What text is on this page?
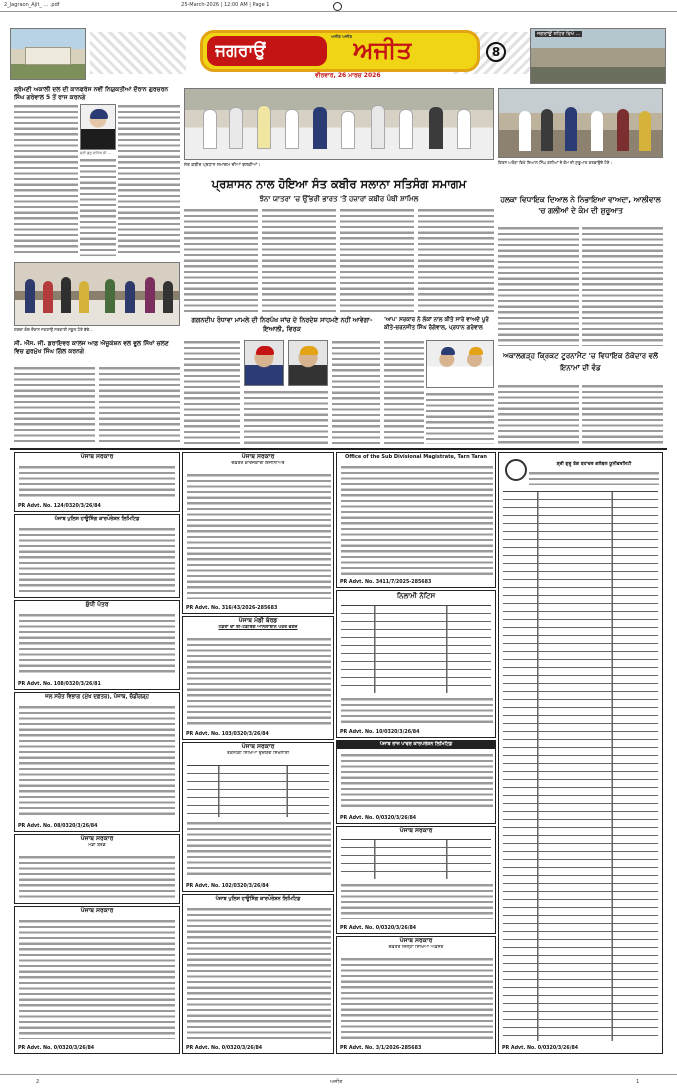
2_Jagraon_Ajit_ ... .pdf	25-March-2026 | 12:00 AM | Page 1
ਜਗਰਾਉਂ	ਅਜੀਤ
ਅਜੀਤ ਅਜੀਤ
ਵੀਰਵਾਰ, 26 ਮਾਰਚ 2026
8
ਜਗਰਾਉਂ ਸ਼ਹਿਰ ਵਿਖੇ ...
ਸ਼੍ਰੋਮਣੀ ਅਕਾਲੀ ਦਲ ਦੀ ਕਾਨਫਰੰਸ ਨਵੀਂ ਨਿਯੁਕਤੀਆਂ ਦੌਰਾਨ ਗੁਰਚਰਨ ਸਿੰਘ ਗਰੇਵਾਲ 5 ਤੋਂ ਰਾਜ ਕਰਨਗੇ
ਸ੍ਰੀ ਗੁਰੂ ਸਾਹਿਬ ਜੀ ...
ਗਰਚਾ ਕੋਚ ਦੌਰਾਨ ਜਗਰਾਉਂ ਸਰਕਾਰੀ ਸਕੂਲ ਹੋਏ ਬੱਚੇ...
ਸੀ. ਐੱਸ. ਜੀ. ਡਰਾਇਵਰ ਕਾਲਜ ਆਫ਼ ਐਜੂਕੇਸ਼ਨ ਵਲ ਵੂਲ ਸਿੱਖਾਂ ਚਲਣ ਵਿਚ ਗੁਰਮੁੱਖ ਸਿੰਘ ਗਿੱਲ ਕਰਨਗੇ
ਸੰਤ ਕਬੀਰ ਪ੍ਰਧਾਨ ਸਮਾਗਮ ਦੀਆਂ ਝਲਕੀਆਂ।
ਪ੍ਰਸ਼ਾਸਨ ਨਾਲ ਹੋਇਆ ਸੰਤ ਕਬੀਰ ਸਲਾਨਾ ਸਤਿਸੰਗ ਸਮਾਗਮ
ਝੋਨਾ ਯਾਤਰਾ 'ਚ ਉੱਭਰੀ ਭਾਰਤ 'ਤੋਂ ਹਜ਼ਾਰਾਂ ਕਬੀਰ ਪੰਥੀ ਸ਼ਾਮਿਲ
ਗਗਨਦੀਪ ਰੰਧਾਵਾ ਮਾਮਲੇ ਦੀ ਨਿਰਪੱਖ ਜਾਂਚ ਦੇ ਨਿਰਦੇਸ਼ ਸਾਹਮਣੇ ਨਹੀਂ ਆਵੇਗਾ-ਇਆਲੀ, ਵਿਰਕ
'ਆਪ' ਸਰਕਾਰ ਨੇ ਲੋਕਾਂ ਨਾਲ ਕੀਤੇ ਸਾਰੇ ਵਾਅਦੇ ਪੂਰੇ ਕੀਤੇ-ਚਰਨਜੀਤ ਸਿੰਘ ਰੰਗੇਵਾਲ, ਪ੍ਰਧਾਨ ਗਰੇਵਾਲ
ਕਿਰਨ ਅਰੋੜਾ ਵਿਖੇ ਦਿਆਲ ਸਿੰਘ ਗਲੀਆਂ ਦੇ ਕੰਮ ਦੀ ਸ਼ੁਰੂਆਤ ਕਰਵਾਉਂਦੇ ਹੋਏ।
ਹਲਕਾ ਵਿਧਾਇਕ ਦਿਆਲ ਨੇ ਨਿਭਾਇਆ ਵਾਅਦਾ, ਆਲੀਵਾਲ 'ਚ ਗਲੀਆਂ ਦੇ ਕੰਮ ਦੀ ਸ਼ੁਰੂਆਤ
ਅਕਾਲਗੜ੍ਹ ਕ੍ਰਿਕਟ ਟੂਰਨਾਮੈਂਟ 'ਚ ਵਿਧਾਇਕ ਠੇਕੇਦਾਰ ਵਲੋਂ ਇਨਾਮਾਂ ਦੀ ਵੰਡ
ਪੰਜਾਬ ਸਰਕਾਰ
PR Advt. No. 124/0320/3/26/84
ਪੰਜਾਬ ਪੁਲਿਸ ਹਾਊਸਿੰਗ ਕਾਰਪੋਰੇਸ਼ਨ ਲਿਮਿਟਿਡ
ਸ਼ੁੱਧੀ ਪੱਤਰ
PR Advt. No. 108/0320/3/26/81
ਜਲ ਸਰੋਤ ਵਿਭਾਗ (ਮੁੱਖ ਦਫ਼ਤਰ), ਪੰਜਾਬ, ਚੰਡੀਗੜ੍ਹ
PR Advt. No. 08/0320/3/26/84
ਪੰਜਾਬ ਸਰਕਾਰ
ਮੰਡੀ ਬੋਰਡ
ਪੰਜਾਬ ਸਰਕਾਰ
PR Advt. No. 0/0320/3/26/84
ਪੰਜਾਬ ਸਰਕਾਰ
ਦਫ਼ਤਰ ਕਾਰਜਕਾਰੀ ਇੰਜੀਨੀਅਰ
PR Advt. No. 316/43/2026-285683
ਪੰਜਾਬ ਮੰਡੀ ਬੋਰਡ
ਟੈਂਡਰਾਂ ਦਾ ਈ-ਟੈਂਡਰਿੰਗ ਆਨਲਾਈਨ ਪੱਤਰ ਵਣਜ
PR Advt. No. 103/0320/3/26/84
ਪੰਜਾਬ ਸਰਕਾਰ
ਤਕਨੀਕੀ ਸਿੱਖਿਆ ਉਦਯੋਗ ਸਿਖਲਾਈ
PR Advt. No. 102/0320/3/26/84
ਪੰਜਾਬ ਪੁਲਿਸ ਹਾਊਸਿੰਗ ਕਾਰਪੋਰੇਸ਼ਨ ਲਿਮਿਟਿਡ
PR Advt. No. 0/0320/3/26/84
Office of the Sub Divisional Magistrate, Tarn Taran
PR Advt. No. 3411/7/2025-285683
ਨਿਲਾਮੀ ਨੋਟਿਸ
PR Advt. No. 10/0320/3/26/84
ਪੰਜਾਬ ਰਾਜ ਪਾਵਰ ਕਾਰਪੋਰੇਸ਼ਨ ਲਿਮਿਟਿਡ
PR Advt. No. 0/0320/3/26/84
ਪੰਜਾਬ ਸਰਕਾਰ
PR Advt. No. 0/0320/3/26/84
ਪੰਜਾਬ ਸਰਕਾਰ
ਦਫ਼ਤਰ ਜ਼ਿਲ੍ਹਾ ਸਿੱਖਿਆ ਅਫ਼ਸਰ
PR Advt. No. 3/1/2026-285683
ਸ਼੍ਰੀ ਗੁਰੂ ਤੇਗ ਬਹਾਦਰ ਗਲੋਬਲ ਯੂਨੀਵਰਸਿਟੀ
PR Advt. No. 0/0320/3/26/84
2	ਅਜੀਤ	1
